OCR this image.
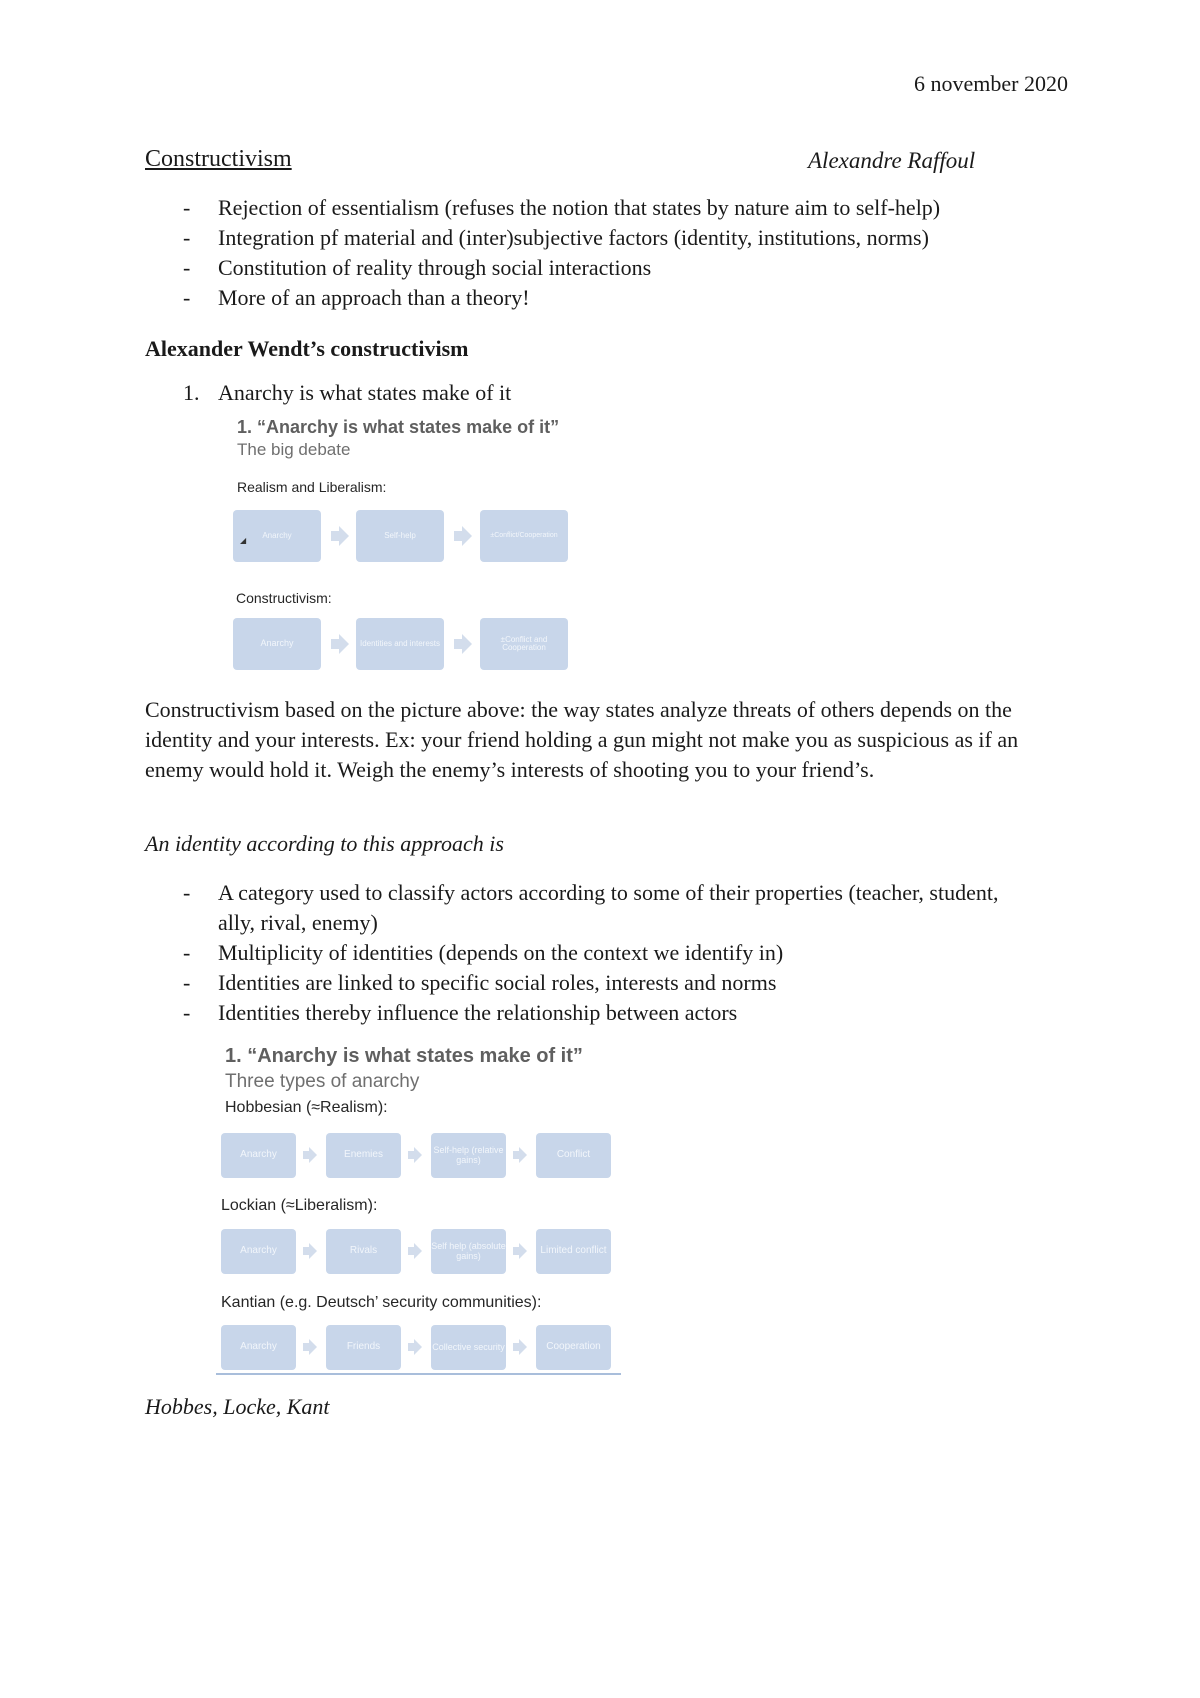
6 november 2020
Constructivism	Alexandre Raffoul
- Rejection of essentialism (refuses the notion that states by nature aim to self-help)
- Integration pf material and (inter)subjective factors (identity, institutions, norms)
- Constitution of reality through social interactions
- More of an approach than a theory!
Alexander Wendt’s constructivism
1. Anarchy is what states make of it
1. “Anarchy is what states make of it”
The big debate
Realism and Liberalism:
Anarchy
◢
Self-help	±Conflict/Cooperation
Constructivism:
Anarchy	Identities and interests	±Conflict and Cooperation
Constructivism based on the picture above: the way states analyze threats of others depends on the identity and your interests. Ex: your friend holding a gun might not make you as suspicious as if an enemy would hold it. Weigh the enemy’s interests of shooting you to your friend’s.
An identity according to this approach is
- A category used to classify actors according to some of their properties (teacher, student, ally, rival, enemy)
- Multiplicity of identities (depends on the context we identify in)
- Identities are linked to specific social roles, interests and norms
- Identities thereby influence the relationship between actors
1. “Anarchy is what states make of it”
Three types of anarchy
Hobbesian (≈Realism):
Anarchy	Enemies	Self-help (relative gains)	Conflict
Lockian (≈Liberalism):
Anarchy	Rivals	Self help (absolute gains)	Limited conflict
Kantian (e.g. Deutsch’ security communities):
Anarchy	Friends	Collective security	Cooperation
Hobbes, Locke, Kant
